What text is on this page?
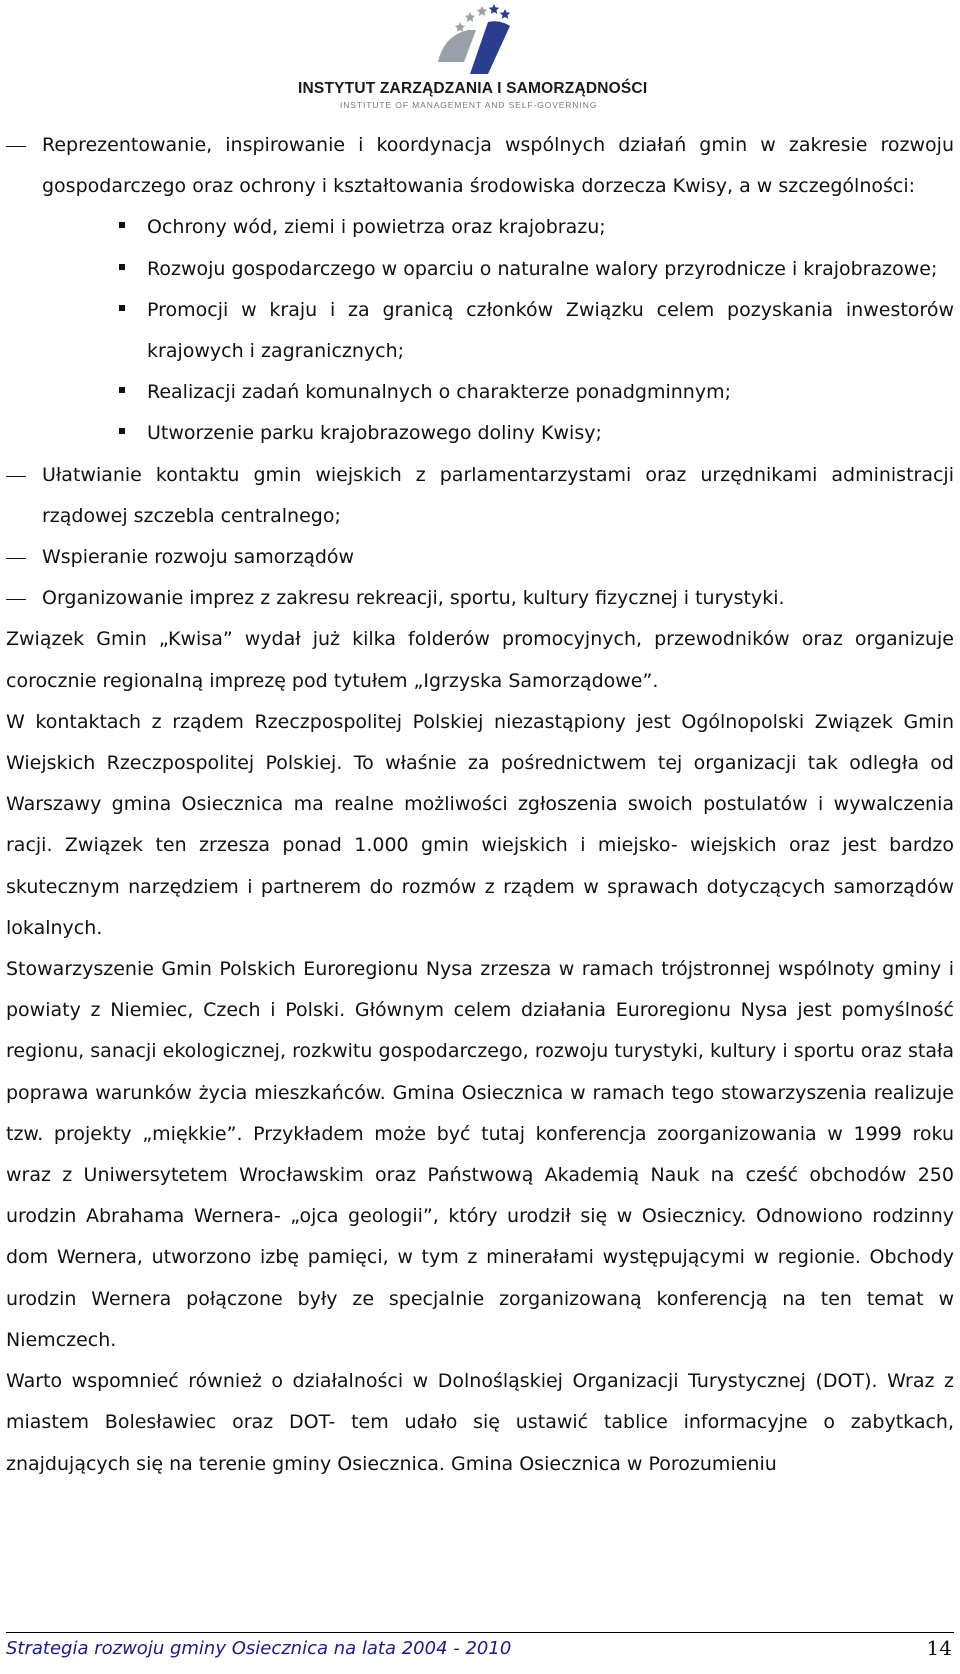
INSTYTUT ZARZĄDZANIA I SAMORZĄDNOŚCI
INSTITUTE OF MANAGEMENT AND SELF-GOVERNING

Reprezentowanie, inspirowanie i koordynacja wspólnych działań gmin w zakresie rozwoju gospodarczego oraz ochrony i kształtowania środowiska dorzecza Kwisy, a w szczególności:

Ochrony wód, ziemi i powietrza oraz krajobrazu;

Rozwoju gospodarczego w oparciu o naturalne walory przyrodnicze i krajobrazowe;

Promocji w kraju i za granicą członków Związku celem pozyskania inwestorów krajowych i zagranicznych;

Realizacji zadań komunalnych o charakterze ponadgminnym;

Utworzenie parku krajobrazowego doliny Kwisy;

Ułatwianie kontaktu gmin wiejskich z parlamentarzystami oraz urzędnikami administracji rządowej szczebla centralnego;

Wspieranie rozwoju samorządów

Organizowanie imprez z zakresu rekreacji, sportu, kultury fizycznej i turystyki.

Związek Gmin „Kwisa” wydał już kilka folderów promocyjnych, przewodników oraz organizuje corocznie regionalną imprezę pod tytułem „Igrzyska Samorządowe”.

W kontaktach z rządem Rzeczpospolitej Polskiej niezastąpiony jest Ogólnopolski Związek Gmin Wiejskich Rzeczpospolitej Polskiej. To właśnie za pośrednictwem tej organizacji tak odległa od Warszawy gmina Osiecznica ma realne możliwości zgłoszenia swoich postulatów i wywalczenia racji. Związek ten zrzesza ponad 1.000 gmin wiejskich i miejsko- wiejskich oraz jest bardzo skutecznym narzędziem i partnerem do rozmów z rządem w sprawach dotyczących samorządów lokalnych.

Stowarzyszenie Gmin Polskich Euroregionu Nysa zrzesza w ramach trójstronnej wspólnoty gminy i powiaty z Niemiec, Czech i Polski. Głównym celem działania Euroregionu Nysa jest pomyślność regionu, sanacji ekologicznej, rozkwitu gospodarczego, rozwoju turystyki, kultury i sportu oraz stała poprawa warunków życia mieszkańców. Gmina Osiecznica w ramach tego stowarzyszenia realizuje tzw. projekty „miękkie”. Przykładem może być tutaj konferencja zoorganizowania w 1999 roku wraz z Uniwersytetem Wrocławskim oraz Państwową Akademią Nauk na cześć obchodów 250 urodzin Abrahama Wernera- „ojca geologii”, który urodził się w Osiecznicy. Odnowiono rodzinny dom Wernera, utworzono izbę pamięci, w tym z minerałami występującymi w regionie. Obchody urodzin Wernera połączone były ze specjalnie zorganizowaną konferencją na ten temat w Niemczech.

Warto wspomnieć również o działalności w Dolnośląskiej Organizacji Turystycznej (DOT). Wraz z miastem Bolesławiec oraz DOT- tem udało się ustawić tablice informacyjne o zabytkach, znajdujących się na terenie gminy Osiecznica. Gmina Osiecznica w Porozumieniu

Strategia rozwoju gminy Osiecznica na lata 2004 - 2010	14
